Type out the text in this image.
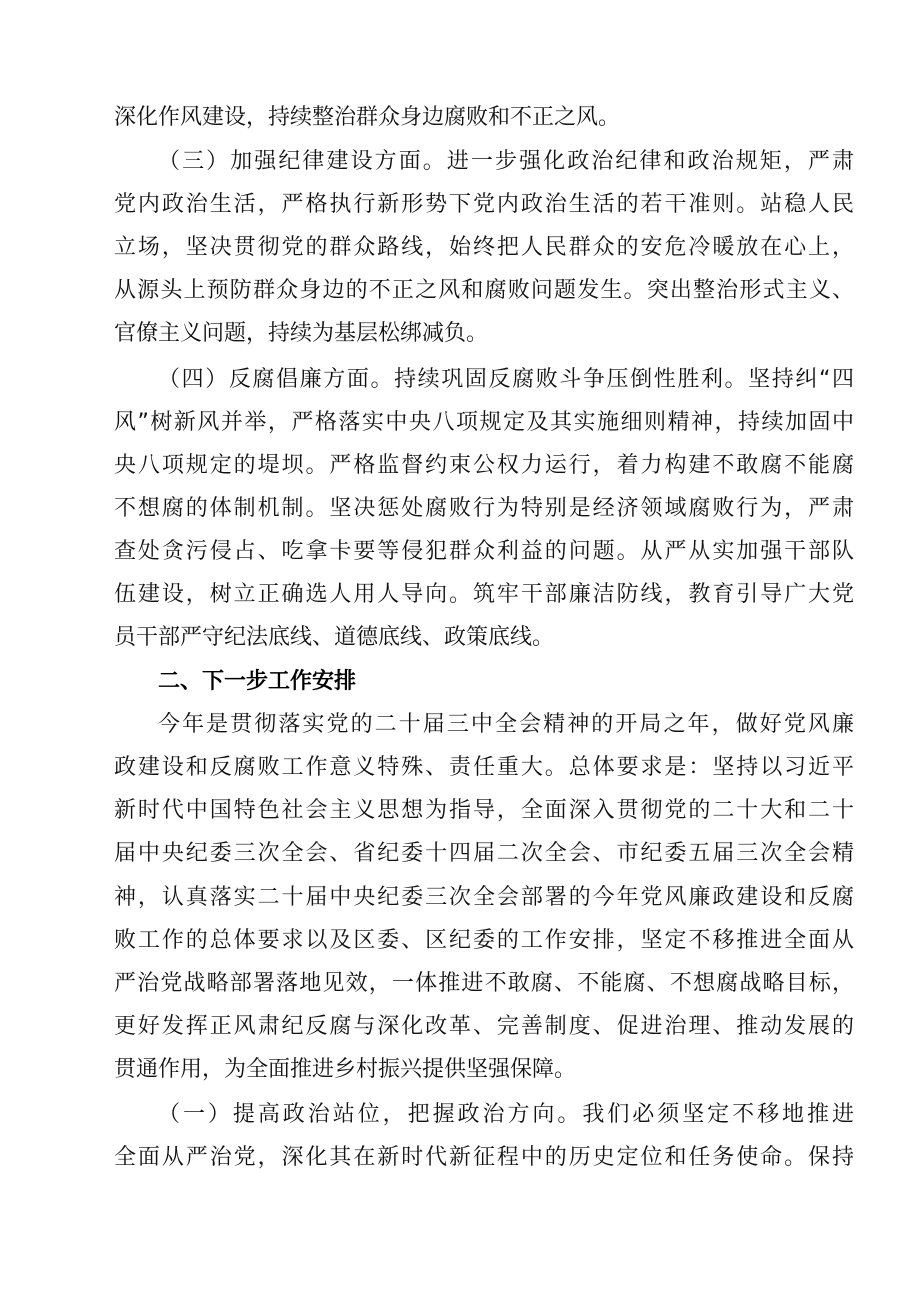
深化作风建设，持续整治群众身边腐败和不正之风。
（三）加强纪律建设方面。进一步强化政治纪律和政治规矩，严肃
党内政治生活，严格执行新形势下党内政治生活的若干准则。站稳人民
立场，坚决贯彻党的群众路线，始终把人民群众的安危冷暖放在心上，
从源头上预防群众身边的不正之风和腐败问题发生。突出整治形式主义、
官僚主义问题，持续为基层松绑减负。
（四）反腐倡廉方面。持续巩固反腐败斗争压倒性胜利。坚持纠“四
风”树新风并举，严格落实中央八项规定及其实施细则精神，持续加固中
央八项规定的堤坝。严格监督约束公权力运行，着力构建不敢腐不能腐
不想腐的体制机制。坚决惩处腐败行为特别是经济领域腐败行为，严肃
查处贪污侵占、吃拿卡要等侵犯群众利益的问题。从严从实加强干部队
伍建设，树立正确选人用人导向。筑牢干部廉洁防线，教育引导广大党
员干部严守纪法底线、道德底线、政策底线。
二、下一步工作安排
今年是贯彻落实党的二十届三中全会精神的开局之年，做好党风廉
政建设和反腐败工作意义特殊、责任重大。总体要求是：坚持以习近平
新时代中国特色社会主义思想为指导，全面深入贯彻党的二十大和二十
届中央纪委三次全会、省纪委十四届二次全会、市纪委五届三次全会精
神，认真落实二十届中央纪委三次全会部署的今年党风廉政建设和反腐
败工作的总体要求以及区委、区纪委的工作安排，坚定不移推进全面从
严治党战略部署落地见效，一体推进不敢腐、不能腐、不想腐战略目标，
更好发挥正风肃纪反腐与深化改革、完善制度、促进治理、推动发展的
贯通作用，为全面推进乡村振兴提供坚强保障。
（一）提高政治站位，把握政治方向。我们必须坚定不移地推进
全面从严治党，深化其在新时代新征程中的历史定位和任务使命。保持
